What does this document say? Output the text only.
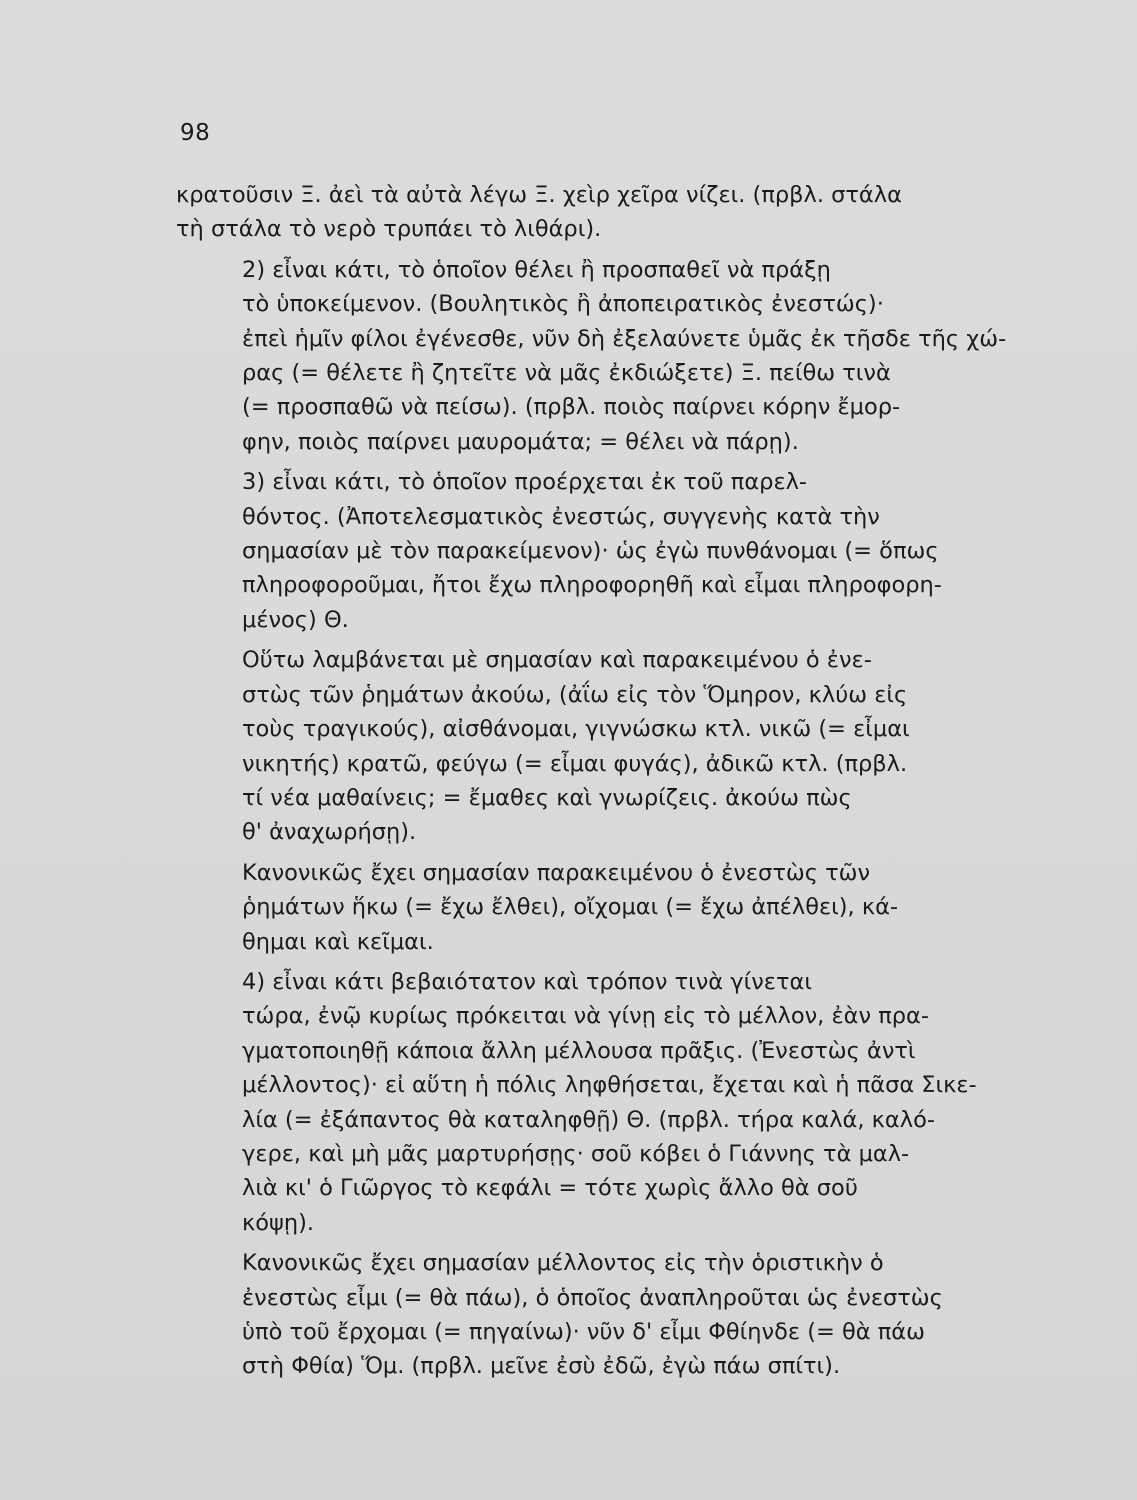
98

κρατοῦσιν Ξ. ἀεὶ τὰ αὐτὰ λέγω Ξ. χεὶρ χεῖρα νίζει. (πρβλ. στάλα
τὴ στάλα τὸ νερὸ τρυπάει τὸ λιθάρι).

2) εἶναι κάτι, τὸ ὁποῖον θέλει ἢ προσπαθεῖ νὰ πράξῃ
τὸ ὑποκείμενον. (Βουλητικὸς ἢ ἀποπειρατικὸς ἐνεστώς)·
ἐπεὶ ἡμῖν φίλοι ἐγένεσθε, νῦν δὴ ἐξελαύνετε ὑμᾶς ἐκ τῆσδε τῆς χώ-
ρας (= θέλετε ἢ ζητεῖτε νὰ μᾶς ἐκδιώξετε) Ξ. πείθω τινὰ
(= προσπαθῶ νὰ πείσω). (πρβλ. ποιὸς παίρνει κόρην ἔμορ-
φην, ποιὸς παίρνει μαυρομάτα; = θέλει νὰ πάρῃ).

3) εἶναι κάτι, τὸ ὁποῖον προέρχεται ἐκ τοῦ παρελ-
θόντος. (Ἀποτελεσματικὸς ἐνεστώς, συγγενὴς κατὰ τὴν
σημασίαν μὲ τὸν παρακείμενον)· ὡς ἐγὼ πυνθάνομαι (= ὅπως
πληροφοροῦμαι, ἤτοι ἔχω πληροφορηθῆ καὶ εἶμαι πληροφορη-
μένος) Θ.

Οὕτω λαμβάνεται μὲ σημασίαν καὶ παρακειμένου ὁ ἐνε-
στὼς τῶν ῥημάτων ἀκούω, (ἀΐω εἰς τὸν Ὅμηρον, κλύω εἰς
τοὺς τραγικούς), αἰσθάνομαι, γιγνώσκω κτλ. νικῶ (= εἶμαι
νικητής) κρατῶ, φεύγω (= εἶμαι φυγάς), ἀδικῶ κτλ. (πρβλ.
τί νέα μαθαίνεις; = ἔμαθες καὶ γνωρίζεις. ἀκούω πὼς
θ' ἀναχωρήσῃ).

Κανονικῶς ἔχει σημασίαν παρακειμένου ὁ ἐνεστὼς τῶν
ῥημάτων ἥκω (= ἔχω ἔλθει), οἴχομαι (= ἔχω ἀπέλθει), κά-
θημαι καὶ κεῖμαι.

4) εἶναι κάτι βεβαιότατον καὶ τρόπον τινὰ γίνεται
τώρα, ἐνῷ κυρίως πρόκειται νὰ γίνῃ εἰς τὸ μέλλον, ἐὰν πρα-
γματοποιηθῇ κάποια ἄλλη μέλλουσα πρᾶξις. (Ἐνεστὼς ἀντὶ
μέλλοντος)· εἰ αὕτη ἡ πόλις ληφθήσεται, ἔχεται καὶ ἡ πᾶσα Σικε-
λία (= ἐξάπαντος θὰ καταληφθῇ) Θ. (πρβλ. τήρα καλά, καλό-
γερε, καὶ μὴ μᾶς μαρτυρήσῃς· σοῦ κόβει ὁ Γιάννης τὰ μαλ-
λιὰ κι' ὁ Γιῶργος τὸ κεφάλι = τότε χωρὶς ἄλλο θὰ σοῦ
κόψῃ).

Κανονικῶς ἔχει σημασίαν μέλλοντος εἰς τὴν ὁριστικὴν ὁ
ἐνεστὼς εἶμι (= θὰ πάω), ὁ ὁποῖος ἀναπληροῦται ὡς ἐνεστὼς
ὑπὸ τοῦ ἔρχομαι (= πηγαίνω)· νῦν δ' εἶμι Φθίηνδε (= θὰ πάω
στὴ Φθία) Ὅμ. (πρβλ. μεῖνε ἐσὺ ἐδῶ, ἐγὼ πάω σπίτι).
